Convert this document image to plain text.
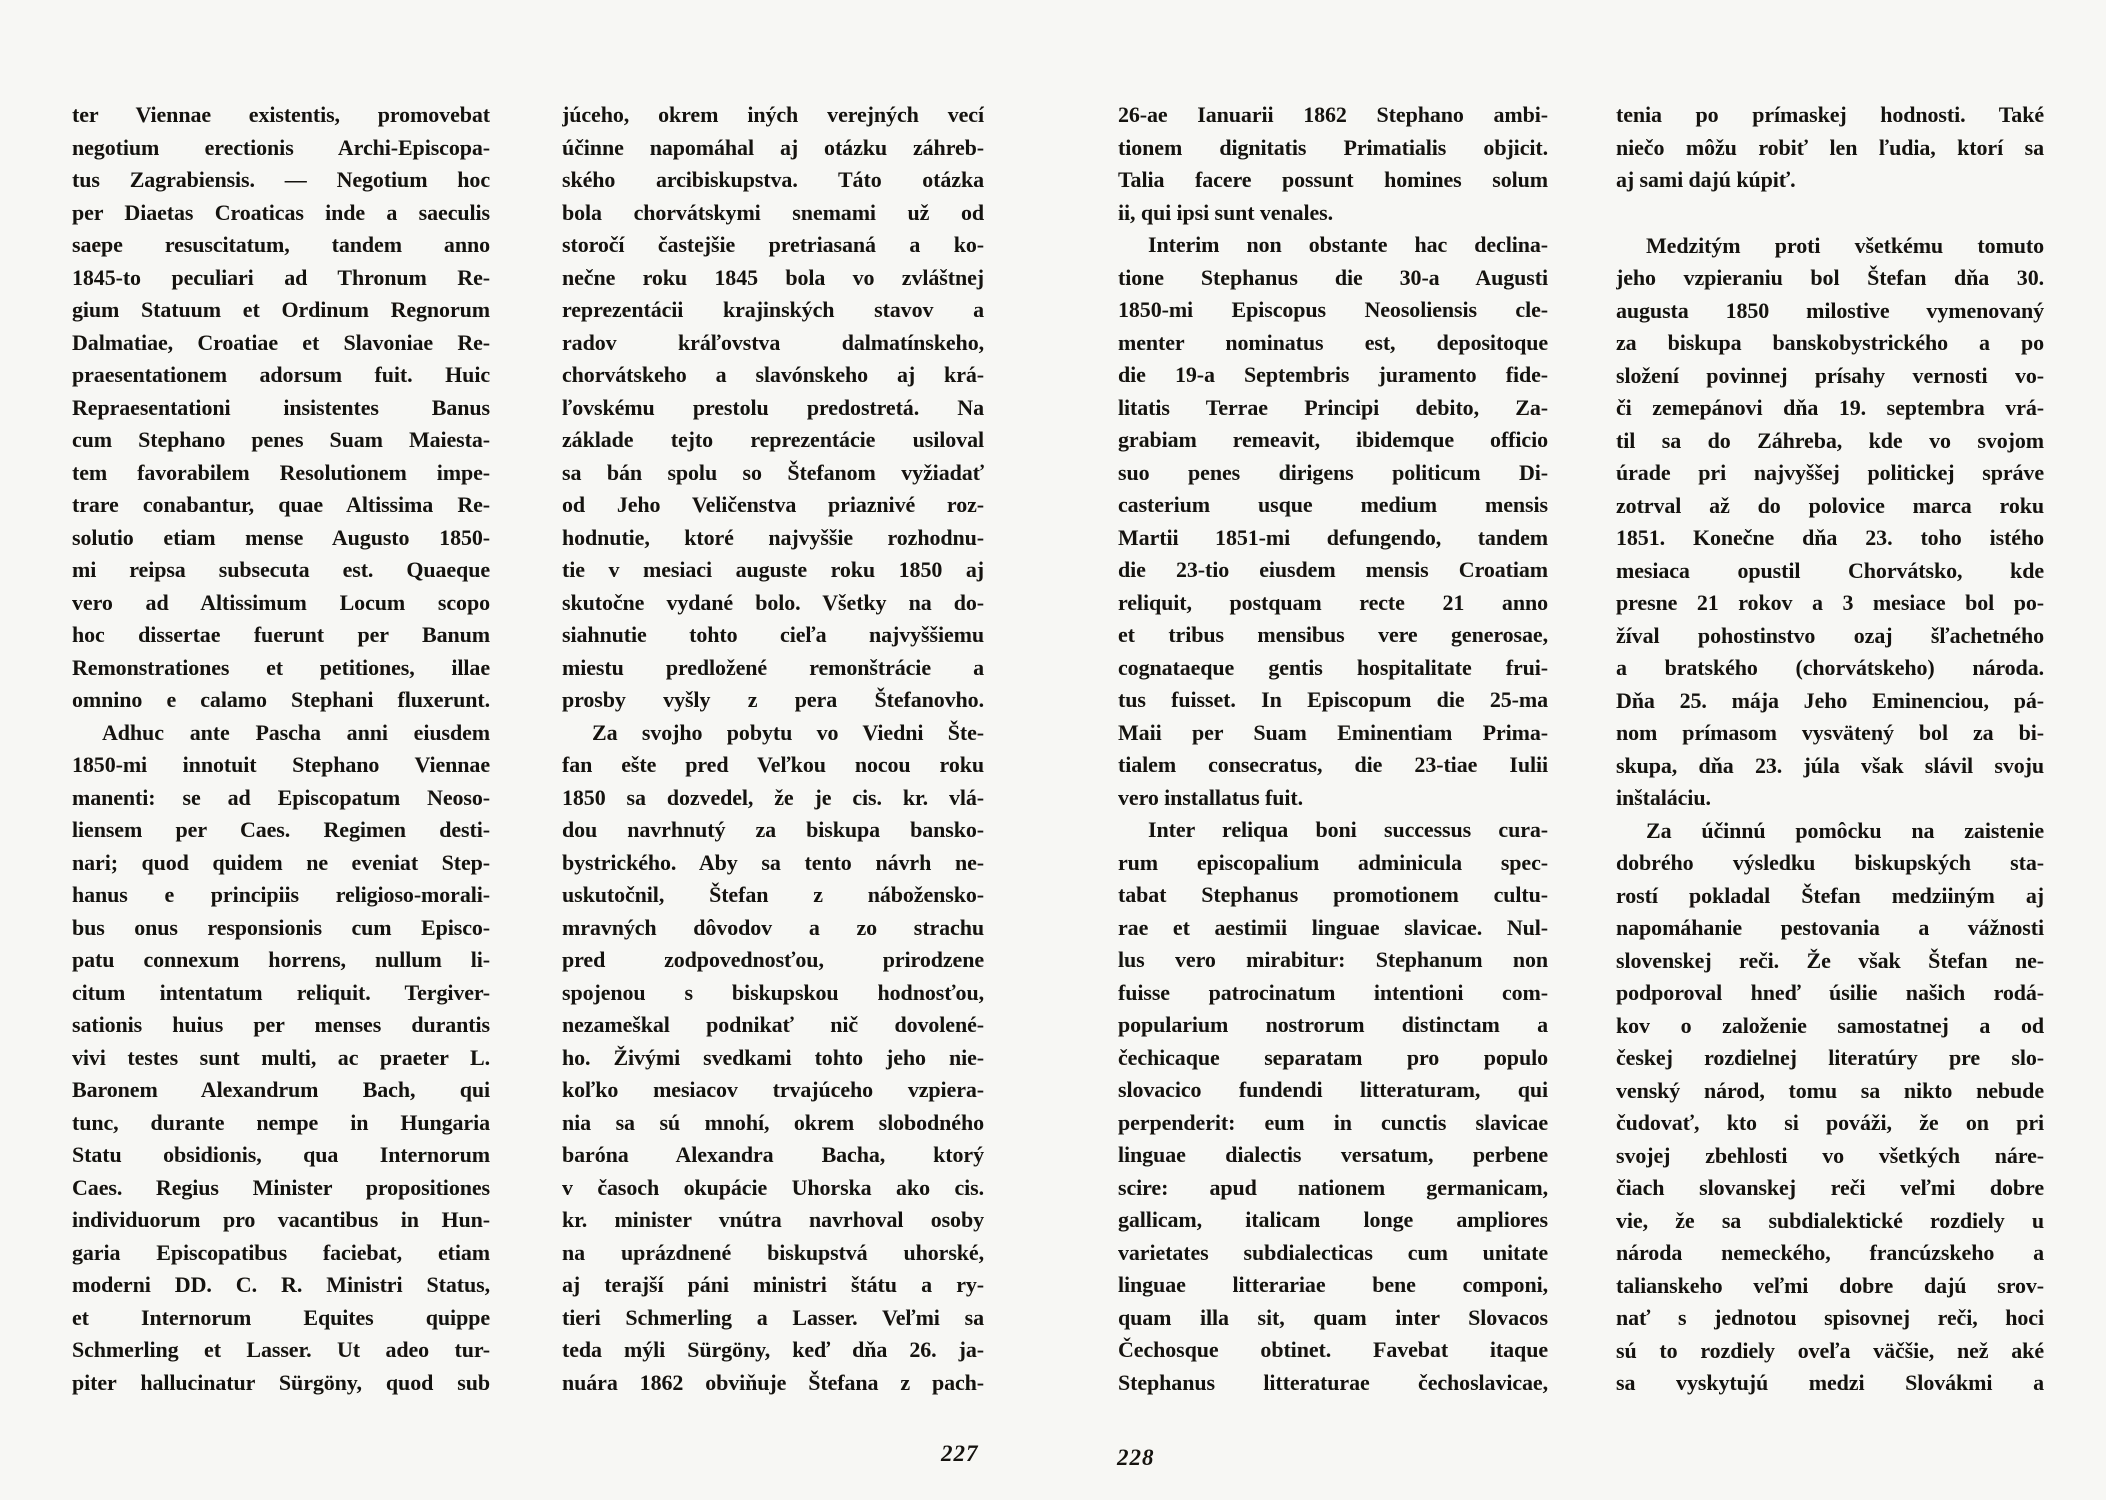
ter Viennae existentis, promovebat
negotium erectionis Archi-Episcopa-
tus Zagrabiensis. — Negotium hoc
per Diaetas Croaticas inde a saeculis
saepe resuscitatum, tandem anno
1845-to peculiari ad Thronum Re-
gium Statuum et Ordinum Regnorum
Dalmatiae, Croatiae et Slavoniae Re-
praesentationem adorsum fuit. Huic
Repraesentationi insistentes Banus
cum Stephano penes Suam Maiesta-
tem favorabilem Resolutionem impe-
trare conabantur, quae Altissima Re-
solutio etiam mense Augusto 1850-
mi reipsa subsecuta est. Quaeque
vero ad Altissimum Locum scopo
hoc dissertae fuerunt per Banum
Remonstrationes et petitiones, illae
omnino e calamo Stephani fluxerunt.
Adhuc ante Pascha anni eiusdem
1850-mi innotuit Stephano Viennae
manenti: se ad Episcopatum Neoso-
liensem per Caes. Regimen desti-
nari; quod quidem ne eveniat Step-
hanus e principiis religioso-morali-
bus onus responsionis cum Episco-
patu connexum horrens, nullum li-
citum intentatum reliquit. Tergiver-
sationis huius per menses durantis
vivi testes sunt multi, ac praeter L.
Baronem Alexandrum Bach, qui
tunc, durante nempe in Hungaria
Statu obsidionis, qua Internorum
Caes. Regius Minister propositiones
individuorum pro vacantibus in Hun-
garia Episcopatibus faciebat, etiam
moderni DD. C. R. Ministri Status,
et Internorum Equites quippe
Schmerling et Lasser. Ut adeo tur-
piter hallucinatur Sürgöny, quod sub
júceho, okrem iných verejných vecí
účinne napomáhal aj otázku záhreb-
ského arcibiskupstva. Táto otázka
bola chorvátskymi snemami už od
storočí častejšie pretriasaná a ko-
nečne roku 1845 bola vo zvláštnej
reprezentácii krajinských stavov a
radov kráľovstva dalmatínskeho,
chorvátskeho a slavónskeho aj krá-
ľovskému prestolu predostretá. Na
základe tejto reprezentácie usiloval
sa bán spolu so Štefanom vyžiadať
od Jeho Veličenstva priaznivé roz-
hodnutie, ktoré najvyššie rozhodnu-
tie v mesiaci auguste roku 1850 aj
skutočne vydané bolo. Všetky na do-
siahnutie tohto cieľa najvyššiemu
miestu predložené remonštrácie a
prosby vyšly z pera Štefanovho.
Za svojho pobytu vo Viedni Šte-
fan ešte pred Veľkou nocou roku
1850 sa dozvedel, že je cis. kr. vlá-
dou navrhnutý za biskupa bansko-
bystrického. Aby sa tento návrh ne-
uskutočnil, Štefan z nábožensko-
mravných dôvodov a zo strachu
pred zodpovednosťou, prirodzene
spojenou s biskupskou hodnosťou,
nezameškal podnikať nič dovolené-
ho. Živými svedkami tohto jeho nie-
koľko mesiacov trvajúceho vzpiera-
nia sa sú mnohí, okrem slobodného
baróna Alexandra Bacha, ktorý
v časoch okupácie Uhorska ako cis.
kr. minister vnútra navrhoval osoby
na uprázdnené biskupstvá uhorské,
aj terajší páni ministri štátu a ry-
tieri Schmerling a Lasser. Veľmi sa
teda mýli Sürgöny, keď dňa 26. ja-
nuára 1862 obviňuje Štefana z pach-
26-ae Ianuarii 1862 Stephano ambi-
tionem dignitatis Primatialis objicit.
Talia facere possunt homines solum
ii, qui ipsi sunt venales.
Interim non obstante hac declina-
tione Stephanus die 30-a Augusti
1850-mi Episcopus Neosoliensis cle-
menter nominatus est, depositoque
die 19-a Septembris juramento fide-
litatis Terrae Principi debito, Za-
grabiam remeavit, ibidemque officio
suo penes dirigens politicum Di-
casterium usque medium mensis
Martii 1851-mi defungendo, tandem
die 23-tio eiusdem mensis Croatiam
reliquit, postquam recte 21 anno
et tribus mensibus vere generosae,
cognataeque gentis hospitalitate frui-
tus fuisset. In Episcopum die 25-ma
Maii per Suam Eminentiam Prima-
tialem consecratus, die 23-tiae Iulii
vero installatus fuit.
Inter reliqua boni successus cura-
rum episcopalium adminicula spec-
tabat Stephanus promotionem cultu-
rae et aestimii linguae slavicae. Nul-
lus vero mirabitur: Stephanum non
fuisse patrocinatum intentioni com-
popularium nostrorum distinctam a
čechicaque separatam pro populo
slovacico fundendi litteraturam, qui
perpenderit: eum in cunctis slavicae
linguae dialectis versatum, perbene
scire: apud nationem germanicam,
gallicam, italicam longe ampliores
varietates subdialecticas cum unitate
linguae litterariae bene componi,
quam illa sit, quam inter Slovacos
Čechosque obtinet. Favebat itaque
Stephanus litteraturae čechoslavicae,
tenia po prímaskej hodnosti. Také
niečo môžu robiť len ľudia, ktorí sa
aj sami dajú kúpiť.
Medzitým proti všetkému tomuto
jeho vzpieraniu bol Štefan dňa 30.
augusta 1850 milostive vymenovaný
za biskupa banskobystrického a po
složení povinnej prísahy vernosti vo-
či zemepánovi dňa 19. septembra vrá-
til sa do Záhreba, kde vo svojom
úrade pri najvyššej politickej správe
zotrval až do polovice marca roku
1851. Konečne dňa 23. toho istého
mesiaca opustil Chorvátsko, kde
presne 21 rokov a 3 mesiace bol po-
žíval pohostinstvo ozaj šľachetného
a bratského (chorvátskeho) národa.
Dňa 25. mája Jeho Eminenciou, pá-
nom prímasom vysvätený bol za bi-
skupa, dňa 23. júla však slávil svoju
inštaláciu.
Za účinnú pomôcku na zaistenie
dobrého výsledku biskupských sta-
rostí pokladal Štefan medziiným aj
napomáhanie pestovania a vážnosti
slovenskej reči. Že však Štefan ne-
podporoval hneď úsilie našich rodá-
kov o založenie samostatnej a od
českej rozdielnej literatúry pre slo-
venský národ, tomu sa nikto nebude
čudovať, kto si pováži, že on pri
svojej zbehlosti vo všetkých náre-
čiach slovanskej reči veľmi dobre
vie, že sa subdialektické rozdiely u
národa nemeckého, francúzskeho a
talianskeho veľmi dobre dajú srov-
nať s jednotou spisovnej reči, hoci
sú to rozdiely oveľa väčšie, než aké
sa vyskytujú medzi Slovákmi a
227	228
